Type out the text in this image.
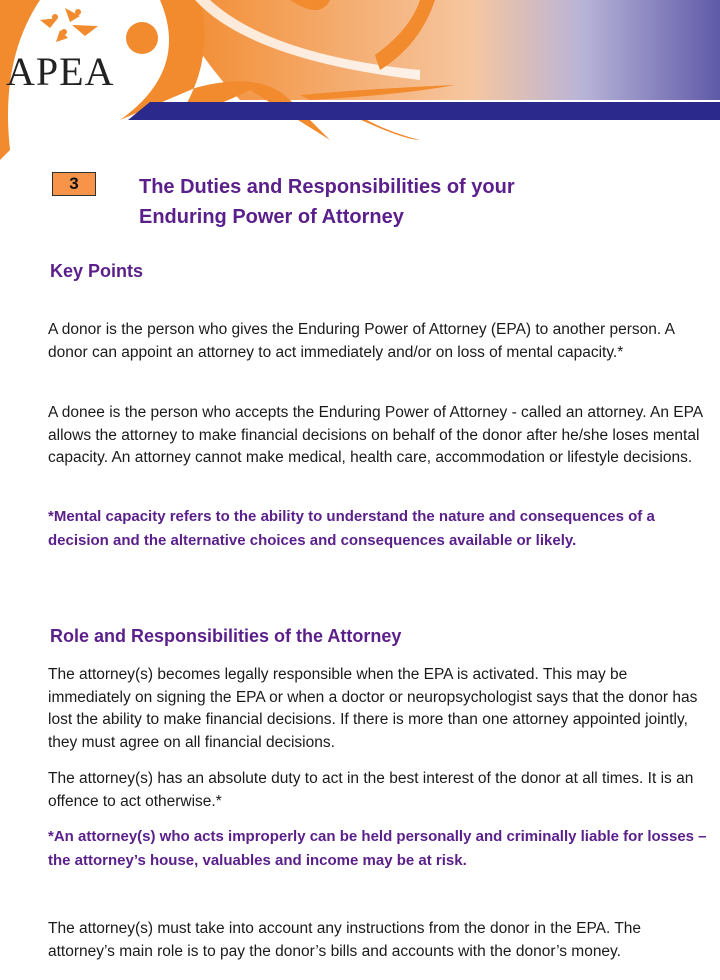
APEA
3	The Duties and Responsibilities of your
Enduring Power of Attorney
Key Points
A donor is the person who gives the Enduring Power of Attorney (EPA) to another person. A donor can appoint an attorney to act immediately and/or on loss of mental capacity.*
A donee is the person who accepts the Enduring Power of Attorney - called an attorney. An EPA allows the attorney to make financial decisions on behalf of the donor after he/she loses mental capacity. An attorney cannot make medical, health care, accommodation or lifestyle decisions.
*Mental capacity refers to the ability to understand the nature and consequences of a decision and the alternative choices and consequences available or likely.
Role and Responsibilities of the Attorney
The attorney(s) becomes legally responsible when the EPA is activated. This may be immediately on signing the EPA or when a doctor or neuropsychologist says that the donor has lost the ability to make financial decisions. If there is more than one attorney appointed jointly, they must agree on all financial decisions.
The attorney(s) has an absolute duty to act in the best interest of the donor at all times. It is an offence to act otherwise.*
*An attorney(s) who acts improperly can be held personally and criminally liable for losses – the attorney’s house, valuables and income may be at risk.
The attorney(s) must take into account any instructions from the donor in the EPA. The attorney’s main role is to pay the donor’s bills and accounts with the donor’s money.
